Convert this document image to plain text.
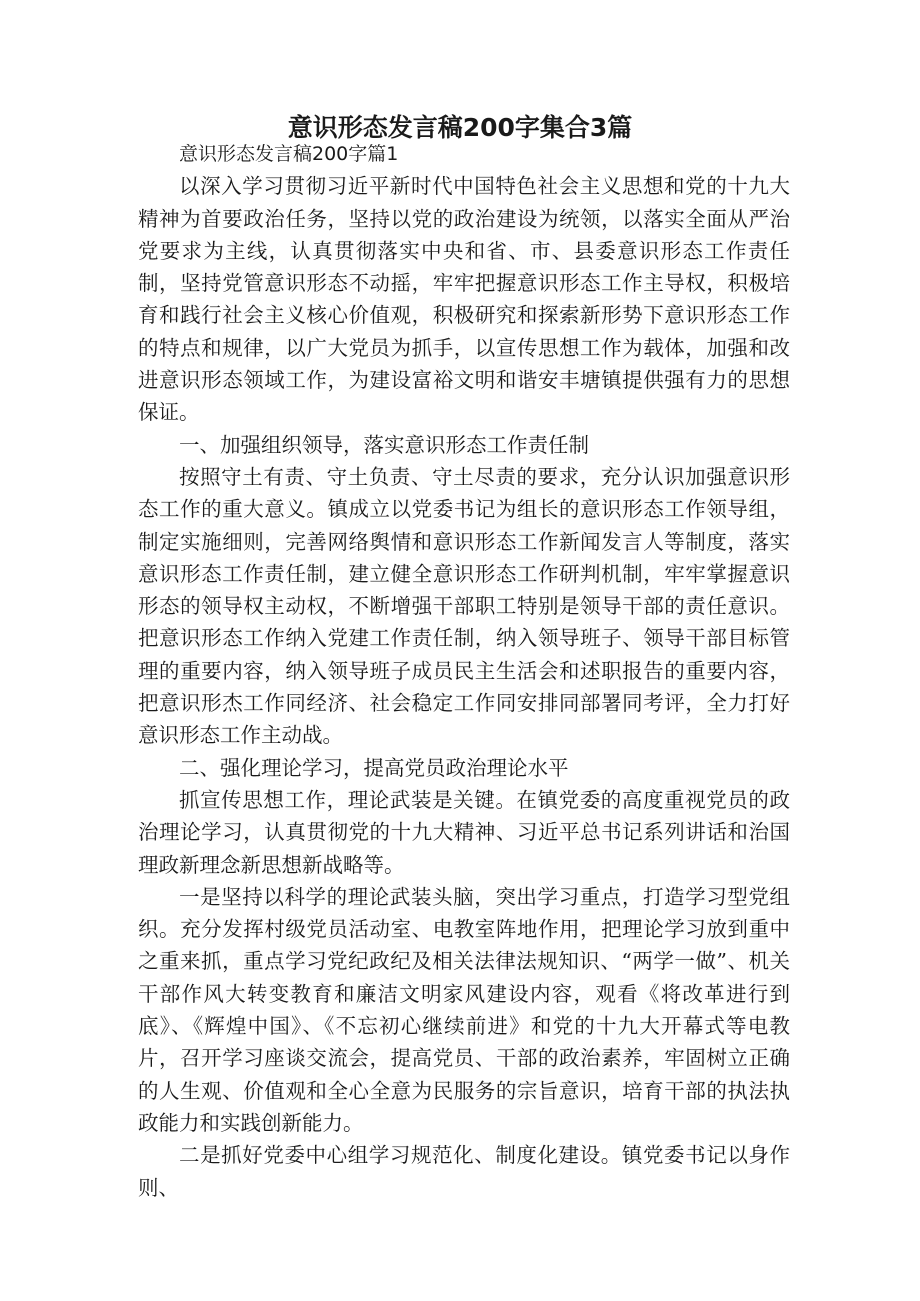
意识形态发言稿200字集合3篇

意识形态发言稿200字篇1

以深入学习贯彻习近平新时代中国特色社会主义思想和党的十九大精神为首要政治任务，坚持以党的政治建设为统领，以落实全面从严治党要求为主线，认真贯彻落实中央和省、市、县委意识形态工作责任制，坚持党管意识形态不动摇，牢牢把握意识形态工作主导权，积极培育和践行社会主义核心价值观，积极研究和探索新形势下意识形态工作的特点和规律，以广大党员为抓手，以宣传思想工作为载体，加强和改进意识形态领域工作，为建设富裕文明和谐安丰塘镇提供强有力的思想保证。

一、加强组织领导，落实意识形态工作责任制

按照守土有责、守土负责、守土尽责的要求，充分认识加强意识形态工作的重大意义。镇成立以党委书记为组长的意识形态工作领导组，制定实施细则，完善网络舆情和意识形态工作新闻发言人等制度，落实意识形态工作责任制，建立健全意识形态工作研判机制，牢牢掌握意识形态的领导权主动权，不断增强干部职工特别是领导干部的责任意识。把意识形态工作纳入党建工作责任制，纳入领导班子、领导干部目标管理的重要内容，纳入领导班子成员民主生活会和述职报告的重要内容，把意识形杰工作同经济、社会稳定工作同安排同部署同考评，全力打好意识形态工作主动战。

二、强化理论学习，提高党员政治理论水平

抓宣传思想工作，理论武装是关键。在镇党委的高度重视党员的政治理论学习，认真贯彻党的十九大精神、习近平总书记系列讲话和治国理政新理念新思想新战略等。

一是坚持以科学的理论武装头脑，突出学习重点，打造学习型党组织。充分发挥村级党员活动室、电教室阵地作用，把理论学习放到重中之重来抓，重点学习党纪政纪及相关法律法规知识、“两学一做”、机关干部作风大转变教育和廉洁文明家风建设内容，观看《将改革进行到底》、《辉煌中国》、《不忘初心继续前进》和党的十九大开幕式等电教片，召开学习座谈交流会，提高党员、干部的政治素养，牢固树立正确的人生观、价值观和全心全意为民服务的宗旨意识，培育干部的执法执政能力和实践创新能力。

二是抓好党委中心组学习规范化、制度化建设。镇党委书记以身作则、
